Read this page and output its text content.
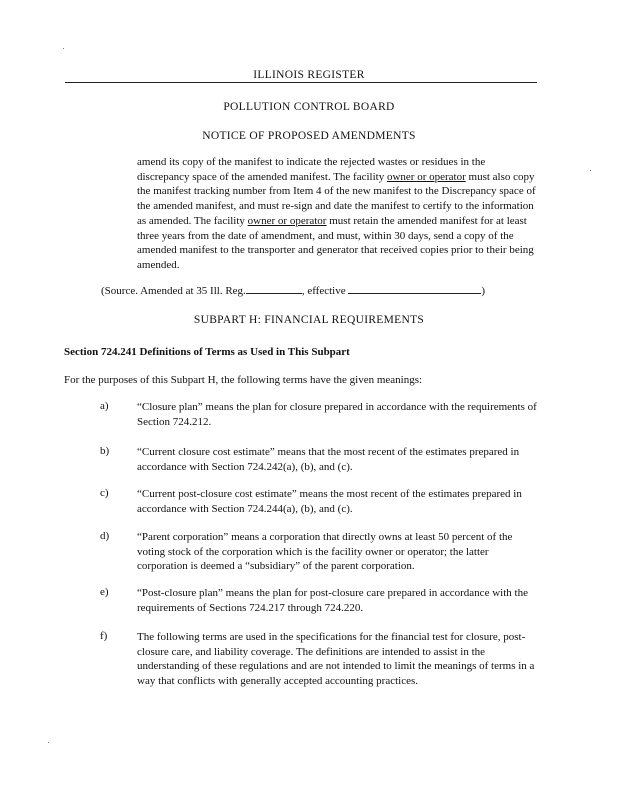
ILLINOIS REGISTER
POLLUTION CONTROL BOARD
NOTICE OF PROPOSED AMENDMENTS
amend its copy of the manifest to indicate the rejected wastes or residues in the discrepancy space of the amended manifest. The facility owner or operator must also copy the manifest tracking number from Item 4 of the new manifest to the Discrepancy space of the amended manifest, and must re-sign and date the manifest to certify to the information as amended. The facility owner or operator must retain the amended manifest for at least three years from the date of amendment, and must, within 30 days, send a copy of the amended manifest to the transporter and generator that received copies prior to their being amended.
(Source. Amended at 35 Ill. Reg.	, effective	)
SUBPART H: FINANCIAL REQUIREMENTS
Section 724.241 Definitions of Terms as Used in This Subpart
For the purposes of this Subpart H, the following terms have the given meanings:
a)	“Closure plan” means the plan for closure prepared in accordance with the requirements of Section 724.212.
b)	“Current closure cost estimate” means that the most recent of the estimates prepared in accordance with Section 724.242(a), (b), and (c).
c)	“Current post-closure cost estimate” means the most recent of the estimates prepared in accordance with Section 724.244(a), (b), and (c).
d)	“Parent corporation” means a corporation that directly owns at least 50 percent of the voting stock of the corporation which is the facility owner or operator; the latter corporation is deemed a “subsidiary” of the parent corporation.
e)	“Post-closure plan” means the plan for post-closure care prepared in accordance with the requirements of Sections 724.217 through 724.220.
f)	The following terms are used in the specifications for the financial test for closure, post-closure care, and liability coverage. The definitions are intended to assist in the understanding of these regulations and are not intended to limit the meanings of terms in a way that conflicts with generally accepted accounting practices.
